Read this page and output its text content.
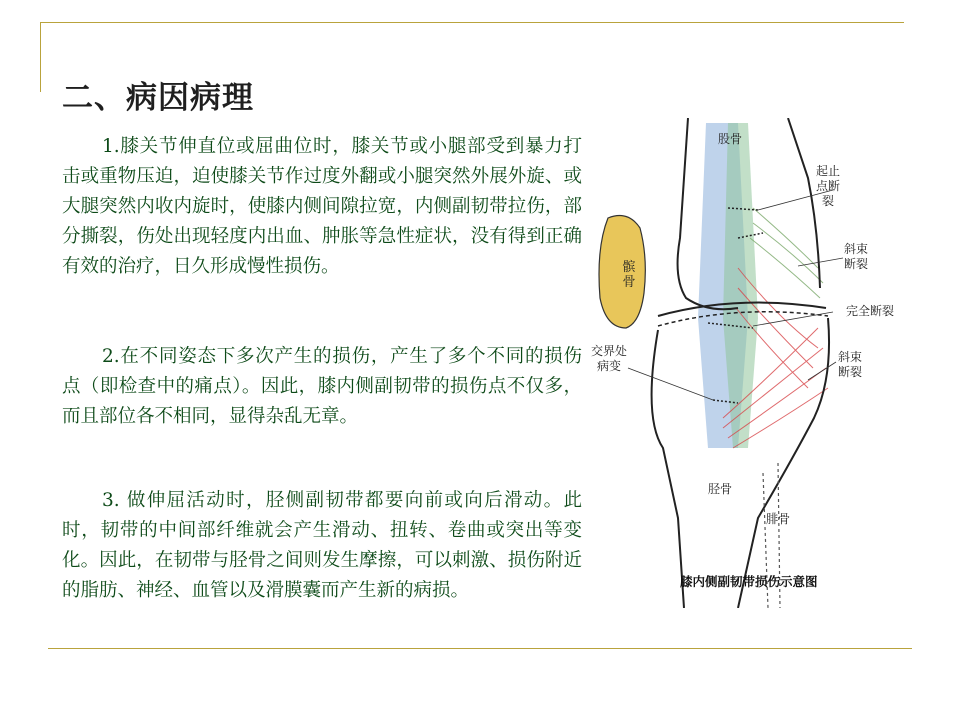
二、病因病理

1.膝关节伸直位或屈曲位时，膝关节或小腿部受到暴力打击或重物压迫，迫使膝关节作过度外翻或小腿突然外展外旋、或大腿突然内收内旋时，使膝内侧间隙拉宽，内侧副韧带拉伤，部分撕裂，伤处出现轻度内出血、肿胀等急性症状，没有得到正确有效的治疗，日久形成慢性损伤。

2.在不同姿态下多次产生的损伤，产生了多个不同的损伤点（即检查中的痛点）。因此，膝内侧副韧带的损伤点不仅多，而且部位各不相同，显得杂乱无章。

3. 做伸屈活动时，胫侧副韧带都要向前或向后滑动。此时，韧带的中间部纤维就会产生滑动、扭转、卷曲或突出等变化。因此，在韧带与胫骨之间则发生摩擦，可以刺激、损伤附近的脂肪、神经、血管以及滑膜囊而产生新的病损。

股骨
起止点断裂
髌骨
斜束断裂
完全断裂
斜束断裂
交界处病变
胫骨
腓骨
膝内侧副韧带损伤示意图
